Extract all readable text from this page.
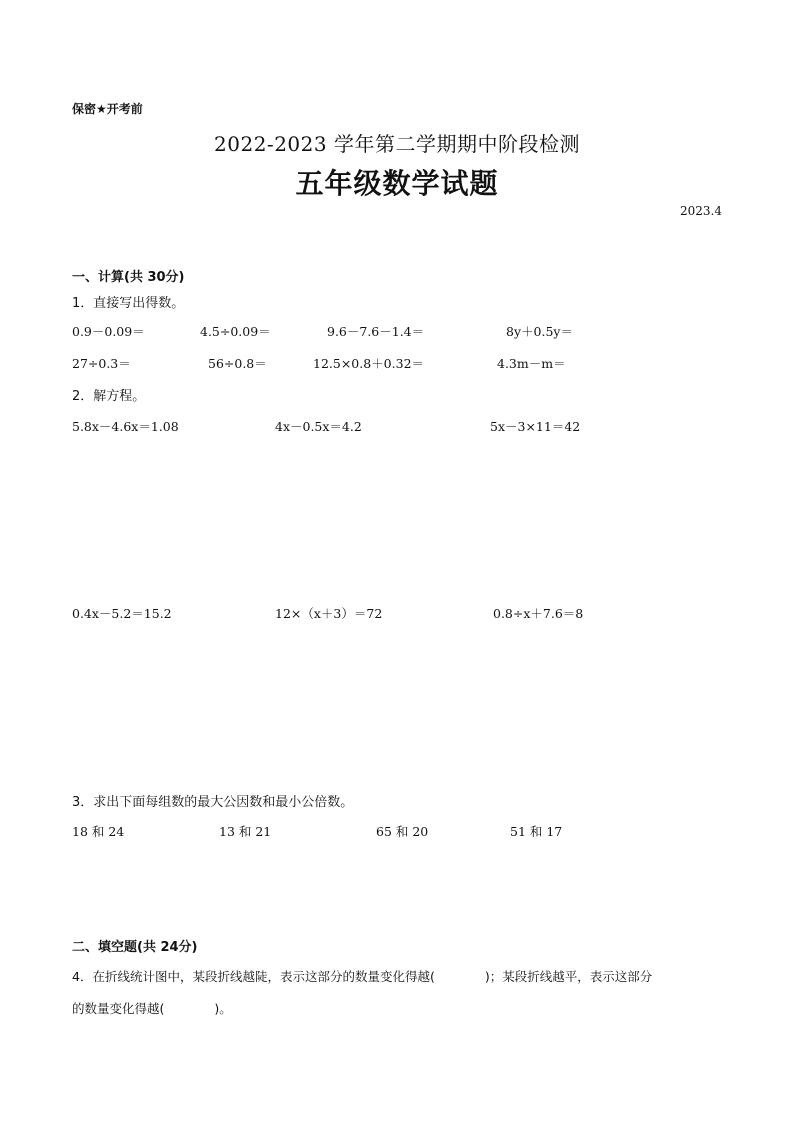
保密★开考前
2022-2023 学年第二学期期中阶段检测
五年级数学试题
2023.4
一、计算(共 30分)
1．直接写出得数。
0.9－0.09＝	4.5÷0.09＝	9.6－7.6－1.4＝	8y＋0.5y＝
27÷0.3＝	56÷0.8＝	12.5×0.8＋0.32＝	4.3m－m＝
2．解方程。
5.8x－4.6x＝1.08	4x－0.5x＝4.2	5x－3×11＝42
0.4x－5.2＝15.2	12×（x＋3）＝72	0.8÷x＋7.6＝8
3．求出下面每组数的最大公因数和最小公倍数。
18 和 24	13 和 21	65 和 20	51 和 17
二、填空题(共 24分)
4．在折线统计图中，某段折线越陡，表示这部分的数量变化得越(　　　　)；某段折线越平，表示这部分
的数量变化得越(　　　　)。
